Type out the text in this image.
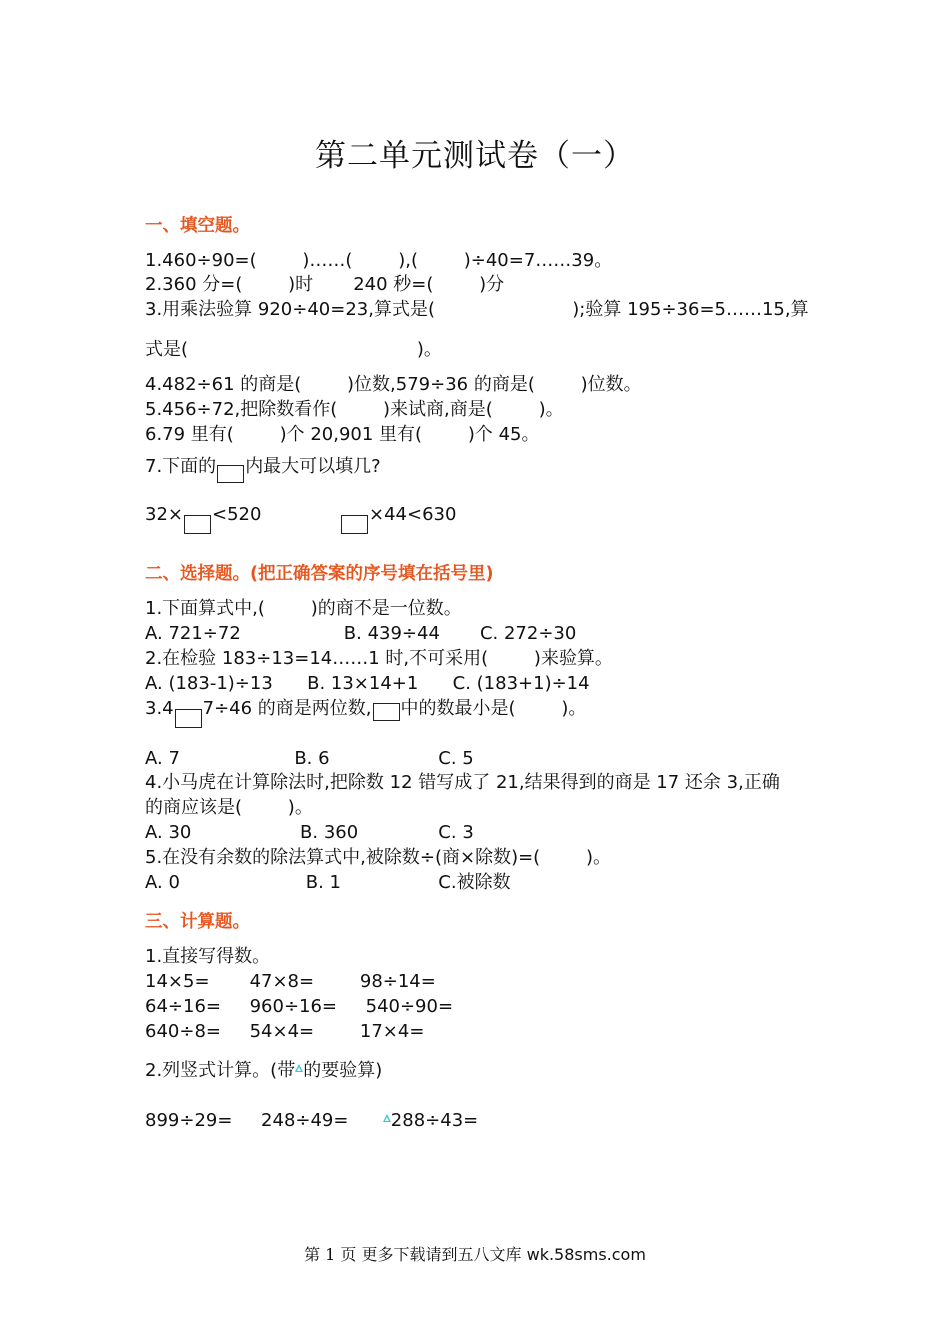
第二单元测试卷（一）
一、填空题。
1.460÷90=(        )……(        ),(        )÷40=7……39。
2.360 分=(        )时       240 秒=(        )分
3.用乘法验算 920÷40=23,算式是(                        );验算 195÷36=5……15,算
式是(                                        )。
4.482÷61 的商是(        )位数,579÷36 的商是(        )位数。
5.456÷72,把除数看作(        )来试商,商是(        )。
6.79 里有(        )个 20,901 里有(        )个 45。
7.下面的 内最大可以填几?
32× <520	×44<630
二、选择题。(把正确答案的序号填在括号里)
1.下面算式中,(        )的商不是一位数。
A. 721÷72                  B. 439÷44       C. 272÷30
2.在检验 183÷13=14……1 时,不可采用(        )来验算。
A. (183-1)÷13      B. 13×14+1      C. (183+1)÷14
3.4 7÷46 的商是两位数, 中的数最小是(        )。
A. 7                    B. 6                   C. 5
4.小马虎在计算除法时,把除数 12 错写成了 21,结果得到的商是 17 还余 3,正确
的商应该是(        )。
A. 30                   B. 360              C. 3
5.在没有余数的除法算式中,被除数÷(商×除数)=(        )。
A. 0                      B. 1                 C.被除数
三、计算题。
1.直接写得数。
14×5=       47×8=        98÷14=
64÷16=     960÷16=     540÷90=
640÷8=     54×4=        17×4=
2.列竖式计算。(带 的要验算)
899÷29=     248÷49=      288÷43=
第 1 页 更多下载请到五八文库 wk.58sms.com
